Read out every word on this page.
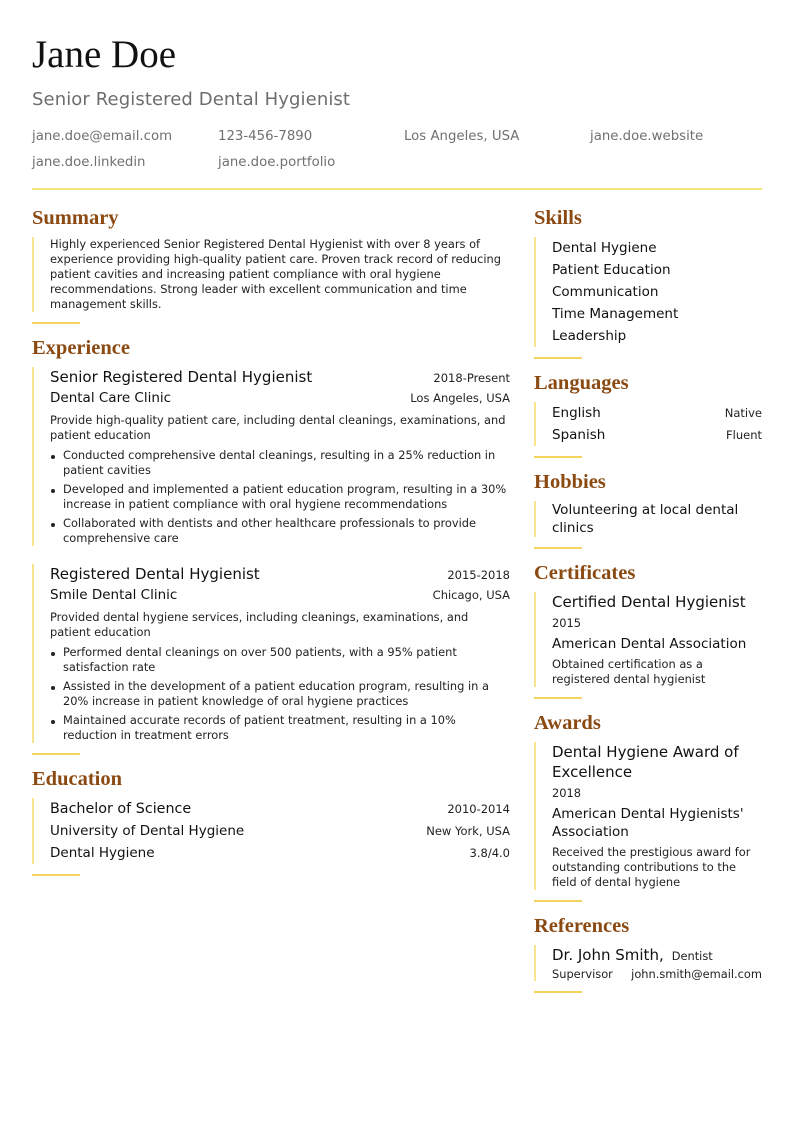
Jane Doe
Senior Registered Dental Hygienist
jane.doe@email.com	123-456-7890	Los Angeles, USA	jane.doe.website
jane.doe.linkedin	jane.doe.portfolio
Summary

Highly experienced Senior Registered Dental Hygienist with over 8 years of experience providing high-quality patient care. Proven track record of reducing patient cavities and increasing patient compliance with oral hygiene recommendations. Strong leader with excellent communication and time management skills.

Experience
Senior Registered Dental Hygienist	2018-Present
Dental Care Clinic	Los Angeles, USA
Provide high-quality patient care, including dental cleanings, examinations, and patient education
Conducted comprehensive dental cleanings, resulting in a 25% reduction in patient cavities
Developed and implemented a patient education program, resulting in a 30% increase in patient compliance with oral hygiene recommendations
Collaborated with dentists and other healthcare professionals to provide comprehensive care
Registered Dental Hygienist	2015-2018
Smile Dental Clinic	Chicago, USA
Provided dental hygiene services, including cleanings, examinations, and patient education
Performed dental cleanings on over 500 patients, with a 95% patient satisfaction rate
Assisted in the development of a patient education program, resulting in a 20% increase in patient knowledge of oral hygiene practices
Maintained accurate records of patient treatment, resulting in a 10% reduction in treatment errors
Education
Bachelor of Science	2010-2014
University of Dental Hygiene	New York, USA
Dental Hygiene	3.8/4.0
Skills
Dental Hygiene
Patient Education
Communication
Time Management
Leadership
Languages
English	Native
Spanish	Fluent
Hobbies
Volunteering at local dental clinics
Certificates
Certified Dental Hygienist
2015
American Dental Association
Obtained certification as a registered dental hygienist
Awards
Dental Hygiene Award of Excellence
2018
American Dental Hygienists' Association
Received the prestigious award for outstanding contributions to the field of dental hygiene
References
Dr. John Smith, Dentist
Supervisor john.smith@email.com
